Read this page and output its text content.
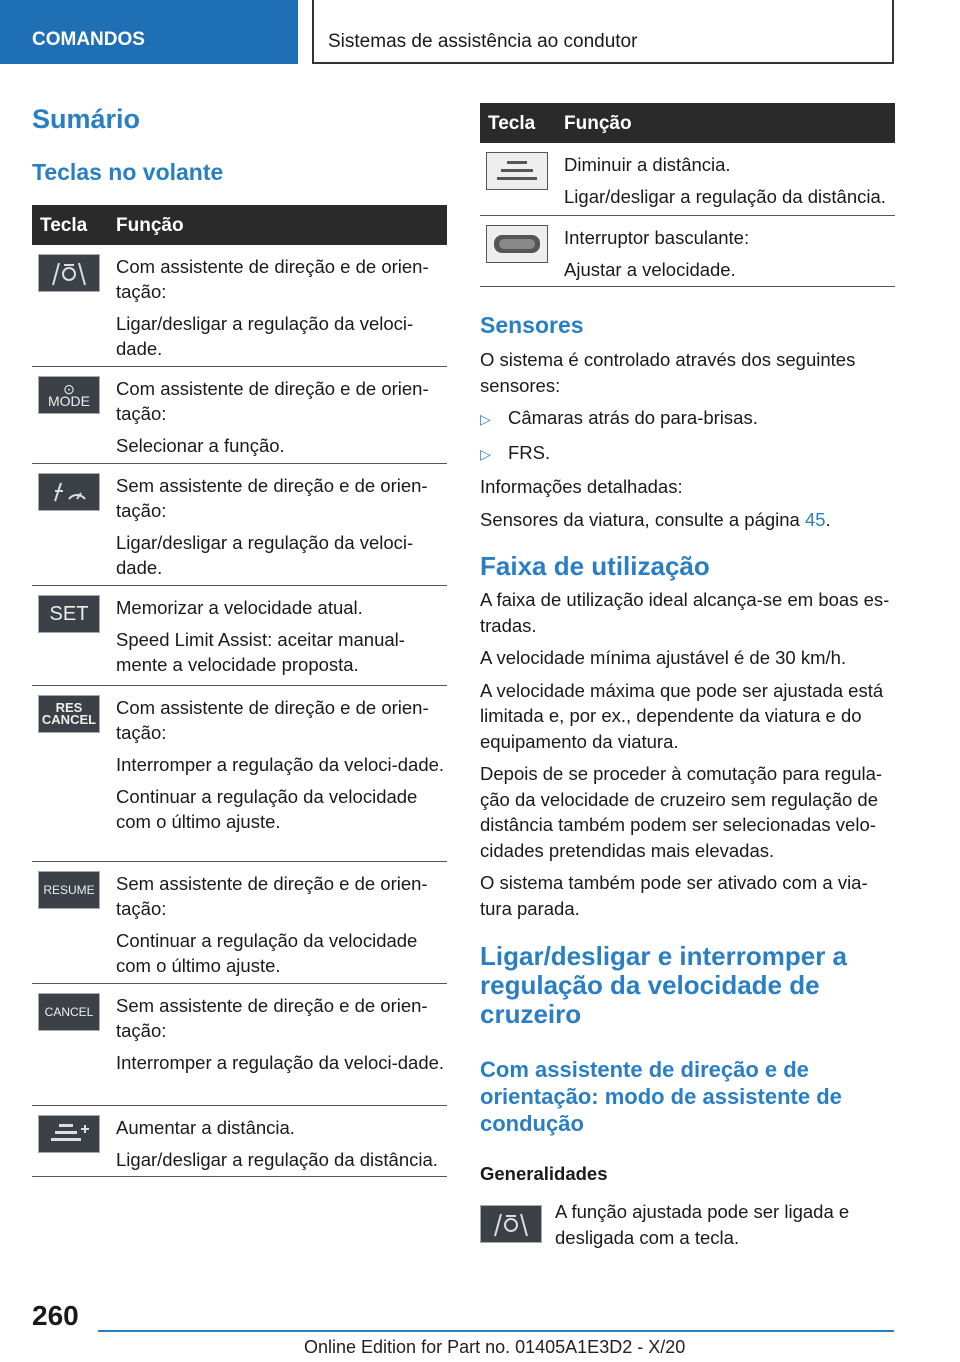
COMANDOS	Sistemas de assistência ao condutor
Sumário
Teclas no volante
Tecla Função

Com assistente de direção e de orien-tação:

Ligar/desligar a regulação da veloci-dade.

⊙
MODE

Com assistente de direção e de orien-tação:

Selecionar a função.

Sem assistente de direção e de orien-tação:

Ligar/desligar a regulação da veloci-dade.

SET Memorizar a velocidade atual.

Speed Limit Assist: aceitar manual-mente a velocidade proposta.

RES CANCEL

Com assistente de direção e de orien-tação:

Interromper a regulação da veloci-dade.

Continuar a regulação da velocidade com o último ajuste.

RESUME Sem assistente de direção e de orien-tação:

Continuar a regulação da velocidade com o último ajuste.

CANCEL Sem assistente de direção e de orien-tação:

Interromper a regulação da veloci-dade.

Aumentar a distância.

Ligar/desligar a regulação da distância.

Tecla Função

Diminuir a distância.

Ligar/desligar a regulação da distância.

Interruptor basculante:

Ajustar a velocidade.

Sensores

O sistema é controlado através dos seguintes sensores:

▷ Câmaras atrás do para-brisas.

▷ FRS.

Informações detalhadas:

Sensores da viatura, consulte a página 45.

Faixa de utilização

A faixa de utilização ideal alcança-se em boas es-tradas.

A velocidade mínima ajustável é de 30 km/h.

A velocidade máxima que pode ser ajustada está limitada e, por ex., dependente da viatura e do equipamento da viatura.

Depois de se proceder à comutação para regula-ção da velocidade de cruzeiro sem regulação de distância também podem ser selecionadas velo-cidades pretendidas mais elevadas.

O sistema também pode ser ativado com a via-tura parada.

Ligar/desligar e interromper a regulação da velocidade de cruzeiro
Com assistente de direção e de orientação: modo de assistente de condução
Generalidades
A função ajustada pode ser ligada e desligada com a tecla.
260
Online Edition for Part no. 01405A1E3D2 - X/20
